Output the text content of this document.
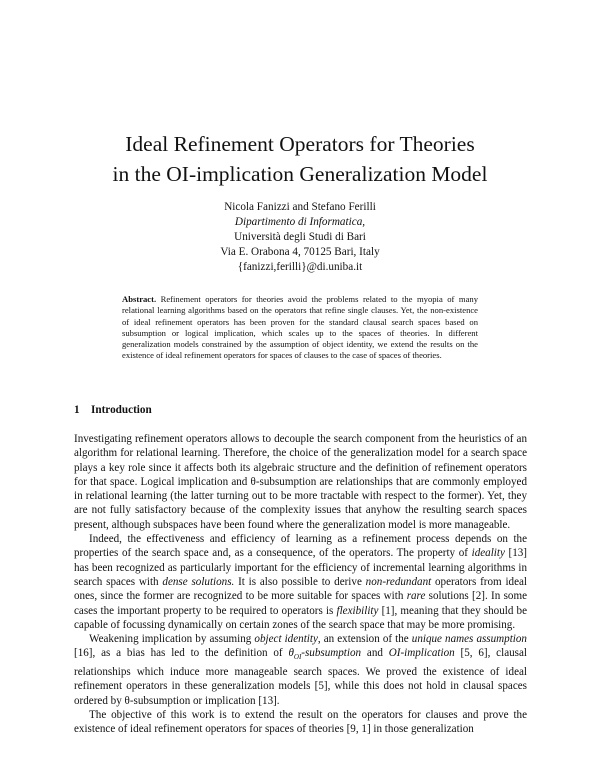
Ideal Refinement Operators for Theories
in the OI-implication Generalization Model
Nicola Fanizzi and Stefano Ferilli
Dipartimento di Informatica,
Università degli Studi di Bari
Via E. Orabona 4, 70125 Bari, Italy
{fanizzi,ferilli}@di.uniba.it
Abstract. Refinement operators for theories avoid the problems related to the myopia of many relational learning algorithms based on the operators that refine single clauses. Yet, the non-existence of ideal refinement operators has been proven for the standard clausal search spaces based on subsumption or logical implication, which scales up to the spaces of theories. In different generalization models constrained by the assumption of object identity, we extend the results on the existence of ideal refinement operators for spaces of clauses to the case of spaces of theories.
1 Introduction

Investigating refinement operators allows to decouple the search component from the heuristics of an algorithm for relational learning. Therefore, the choice of the generalization model for a search space plays a key role since it affects both its algebraic structure and the definition of refinement operators for that space. Logical implication and θ-subsumption are relationships that are commonly employed in relational learning (the latter turning out to be more tractable with respect to the former). Yet, they are not fully satisfactory because of the complexity issues that anyhow the resulting search spaces present, although subspaces have been found where the generalization model is more manageable.

Indeed, the effectiveness and efficiency of learning as a refinement process depends on the properties of the search space and, as a consequence, of the operators. The property of ideality [13] has been recognized as particularly important for the efficiency of incremental learning algorithms in search spaces with dense solutions. It is also possible to derive non-redundant operators from ideal ones, since the former are recognized to be more suitable for spaces with rare solutions [2]. In some cases the important property to be required to operators is flexibility [1], meaning that they should be capable of focussing dynamically on certain zones of the search space that may be more promising.

Weakening implication by assuming object identity, an extension of the unique names assumption [16], as a bias has led to the definition of $\theta_{OI}$-subsumption and OI-implication [5, 6], clausal relationships which induce more manageable search spaces. We proved the existence of ideal refinement operators in these generalization models [5], while this does not hold in clausal spaces ordered by θ-subsumption or implication [13].

The objective of this work is to extend the result on the operators for clauses and prove the existence of ideal refinement operators for spaces of theories [9, 1] in those generalization
